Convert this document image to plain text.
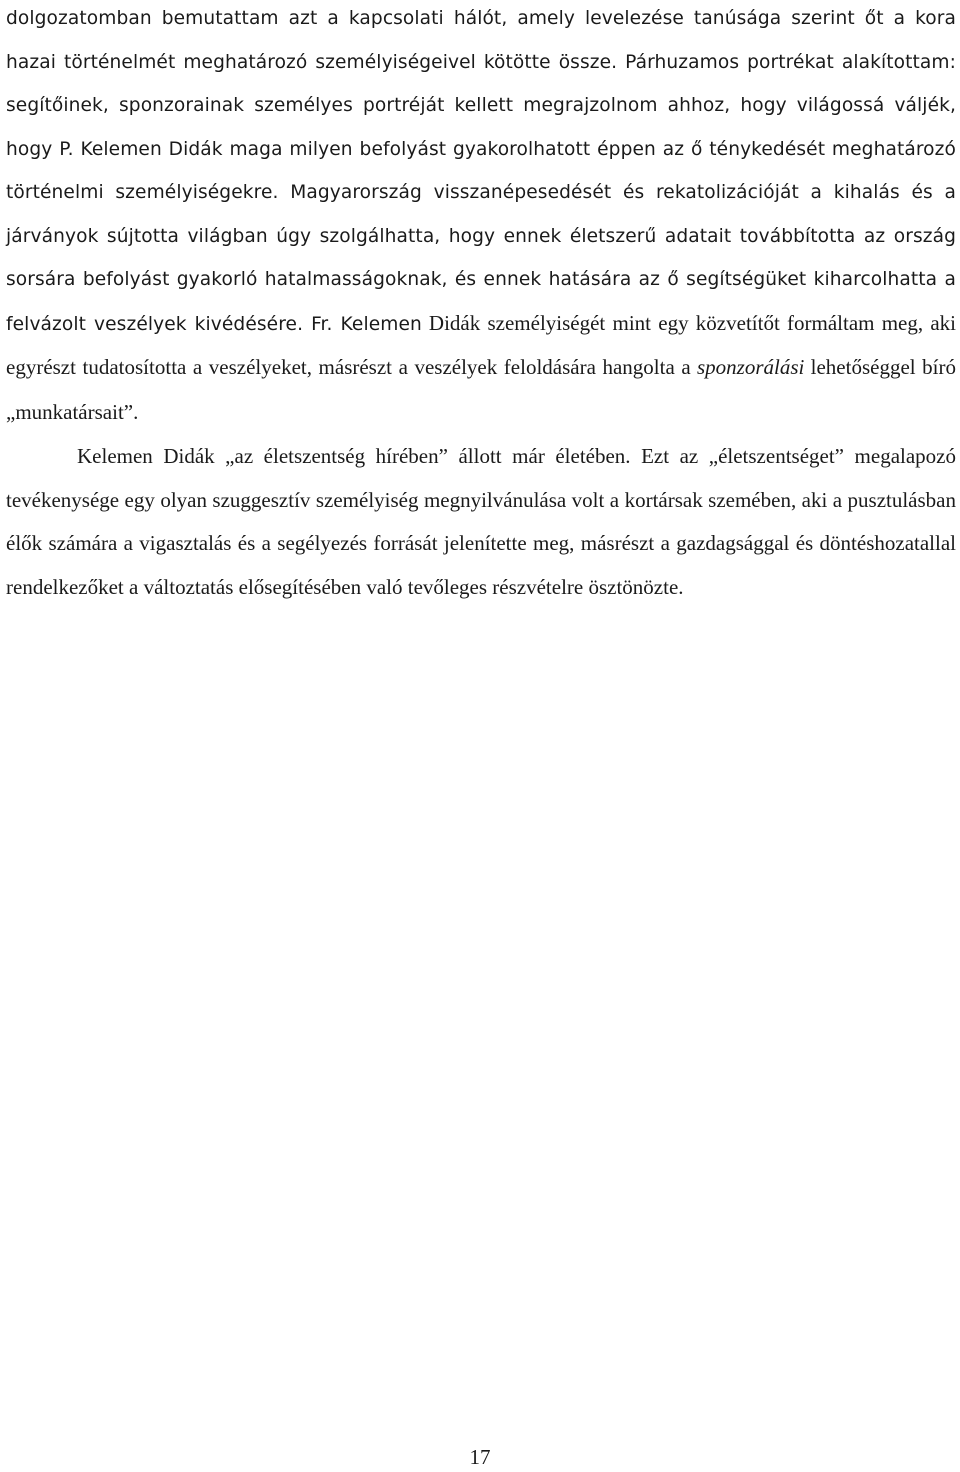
dolgozatomban bemutattam azt a kapcsolati hálót, amely levelezése tanúsága szerint őt a kora hazai történelmét meghatározó személyiségeivel kötötte össze. Párhuzamos portrékat alakítottam: segítőinek, sponzorainak személyes portréját kellett megrajzolnom ahhoz, hogy világossá váljék, hogy P. Kelemen Didák maga milyen befolyást gyakorolhatott éppen az ő ténykedését meghatározó történelmi személyiségekre. Magyarország visszanépesedését és rekatolizációját a kihalás és a járványok sújtotta világban úgy szolgálhatta, hogy ennek életszerű adatait továbbította az ország sorsára befolyást gyakorló hatalmasságoknak, és ennek hatására az ő segítségüket kiharcolhatta a felvázolt veszélyek kivédésére. Fr. Kelemen Didák személyiségét mint egy közvetítőt formáltam meg, aki egyrészt tudatosította a veszélyeket, másrészt a veszélyek feloldására hangolta a sponzorálási lehetőséggel bíró „munkatársait”.

Kelemen Didák „az életszentség hírében” állott már életében. Ezt az „életszentséget” megalapozó tevékenysége egy olyan szuggesztív személyiség megnyilvánulása volt a kortársak szemében, aki a pusztulásban élők számára a vigasztalás és a segélyezés forrását jelenítette meg, másrészt a gazdagsággal és döntéshozatallal rendelkezőket a változtatás elősegítésében való tevőleges részvételre ösztönözte.

17
